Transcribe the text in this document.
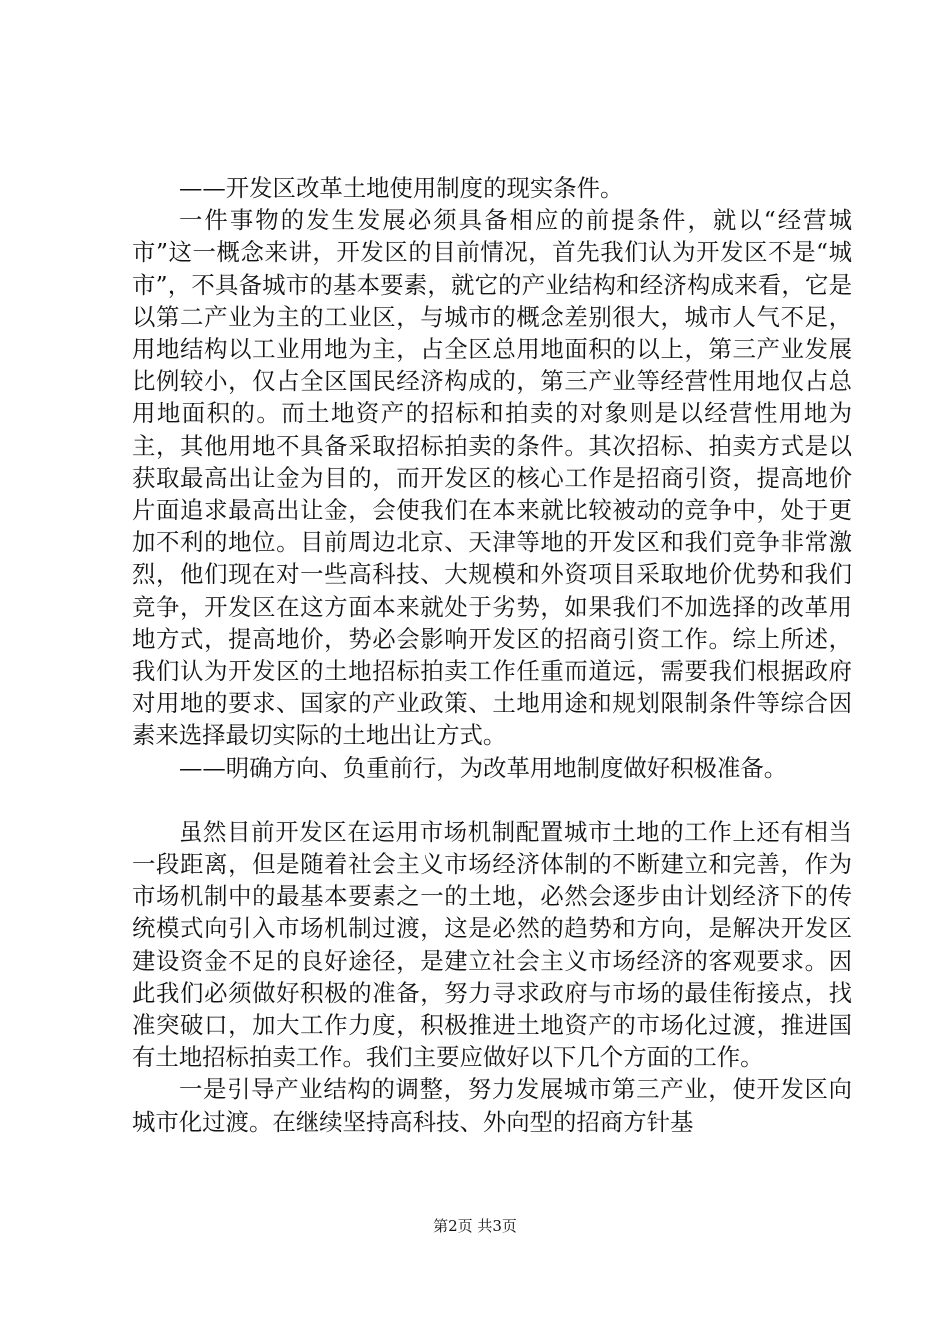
——开发区改革土地使用制度的现实条件。

一件事物的发生发展必须具备相应的前提条件，就以“经营城市”这一概念来讲，开发区的目前情况，首先我们认为开发区不是“城市”，不具备城市的基本要素，就它的产业结构和经济构成来看，它是以第二产业为主的工业区，与城市的概念差别很大，城市人气不足，用地结构以工业用地为主，占全区总用地面积的以上，第三产业发展比例较小，仅占全区国民经济构成的，第三产业等经营性用地仅占总用地面积的。而土地资产的招标和拍卖的对象则是以经营性用地为主，其他用地不具备采取招标拍卖的条件。其次招标、拍卖方式是以获取最高出让金为目的，而开发区的核心工作是招商引资，提高地价片面追求最高出让金，会使我们在本来就比较被动的竞争中，处于更加不利的地位。目前周边北京、天津等地的开发区和我们竞争非常激烈，他们现在对一些高科技、大规模和外资项目采取地价优势和我们竞争，开发区在这方面本来就处于劣势，如果我们不加选择的改革用地方式，提高地价，势必会影响开发区的招商引资工作。综上所述，我们认为开发区的土地招标拍卖工作任重而道远，需要我们根据政府对用地的要求、国家的产业政策、土地用途和规划限制条件等综合因素来选择最切实际的土地出让方式。

——明确方向、负重前行，为改革用地制度做好积极准备。

虽然目前开发区在运用市场机制配置城市土地的工作上还有相当一段距离，但是随着社会主义市场经济体制的不断建立和完善，作为市场机制中的最基本要素之一的土地，必然会逐步由计划经济下的传统模式向引入市场机制过渡，这是必然的趋势和方向，是解决开发区建设资金不足的良好途径，是建立社会主义市场经济的客观要求。因此我们必须做好积极的准备，努力寻求政府与市场的最佳衔接点，找准突破口，加大工作力度，积极推进土地资产的市场化过渡，推进国有土地招标拍卖工作。我们主要应做好以下几个方面的工作。

一是引导产业结构的调整，努力发展城市第三产业，使开发区向城市化过渡。在继续坚持高科技、外向型的招商方针基

第2页 共3页
